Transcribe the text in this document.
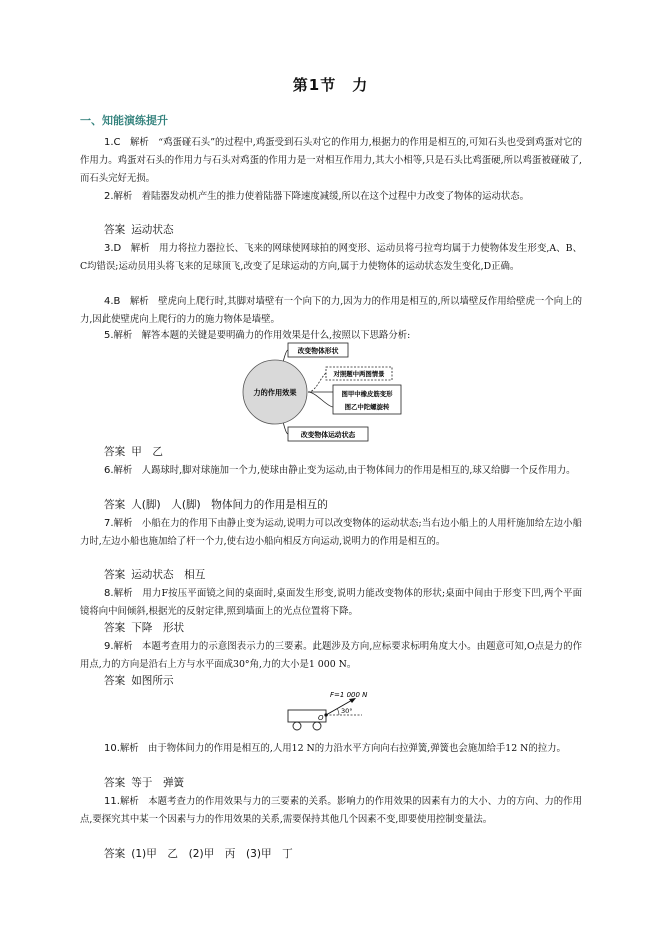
第1节　力
一、知能演练提升
1.C　解析　“鸡蛋碰石头”的过程中,鸡蛋受到石头对它的作用力,根据力的作用是相互的,可知石头也受到鸡蛋对它的作用力。鸡蛋对石头的作用力与石头对鸡蛋的作用力是一对相互作用力,其大小相等,只是石头比鸡蛋硬,所以鸡蛋被碰破了,而石头完好无损。
2.解析　着陆器发动机产生的推力使着陆器下降速度减缓,所以在这个过程中力改变了物体的运动状态。
答案 运动状态
3.D　解析　用力将拉力器拉长、飞来的网球使网球拍的网变形、运动员将弓拉弯均属于力使物体发生形变,A、B、C均错误;运动员用头将飞来的足球顶飞,改变了足球运动的方向,属于力使物体的运动状态发生变化,D正确。
4.B　解析　壁虎向上爬行时,其脚对墙壁有一个向下的力,因为力的作用是相互的,所以墙壁反作用给壁虎一个向上的力,因此使壁虎向上爬行的力的施力物体是墙壁。
5.解析　解答本题的关键是要明确力的作用效果是什么,按照以下思路分析:
力的作用效果
改变物体形状
对照题中两图情景
图甲中橡皮筋变形
图乙中陀螺旋转
改变物体运动状态
答案 甲　乙
6.解析　人踢球时,脚对球施加一个力,使球由静止变为运动,由于物体间力的作用是相互的,球又给脚一个反作用力。
答案 人(脚)　人(脚)　物体间力的作用是相互的
7.解析　小船在力的作用下由静止变为运动,说明力可以改变物体的运动状态;当右边小船上的人用杆施加给左边小船力时,左边小船也施加给了杆一个力,使右边小船向相反方向运动,说明力的作用是相互的。
答案 运动状态　相互
8.解析　用力F按压平面镜之间的桌面时,桌面发生形变,说明力能改变物体的形状;桌面中间由于形变下凹,两个平面镜将向中间倾斜,根据光的反射定律,照到墙面上的光点位置将下降。
答案 下降　形状
9.解析　本题考查用力的示意图表示力的三要素。此题涉及方向,应标要求标明角度大小。由题意可知,O点是力的作用点,力的方向是沿右上方与水平面成30°角,力的大小是1 000 N。
答案 如图所示
F=1 000 N
30°
O
10.解析　由于物体间力的作用是相互的,人用12 N的力沿水平方向向右拉弹簧,弹簧也会施加给手12 N的拉力。
答案 等于　弹簧
11.解析　本题考查力的作用效果与力的三要素的关系。影响力的作用效果的因素有力的大小、力的方向、力的作用点,要探究其中某一个因素与力的作用效果的关系,需要保持其他几个因素不变,即要使用控制变量法。
答案 (1)甲　乙　(2)甲　丙　(3)甲　丁
